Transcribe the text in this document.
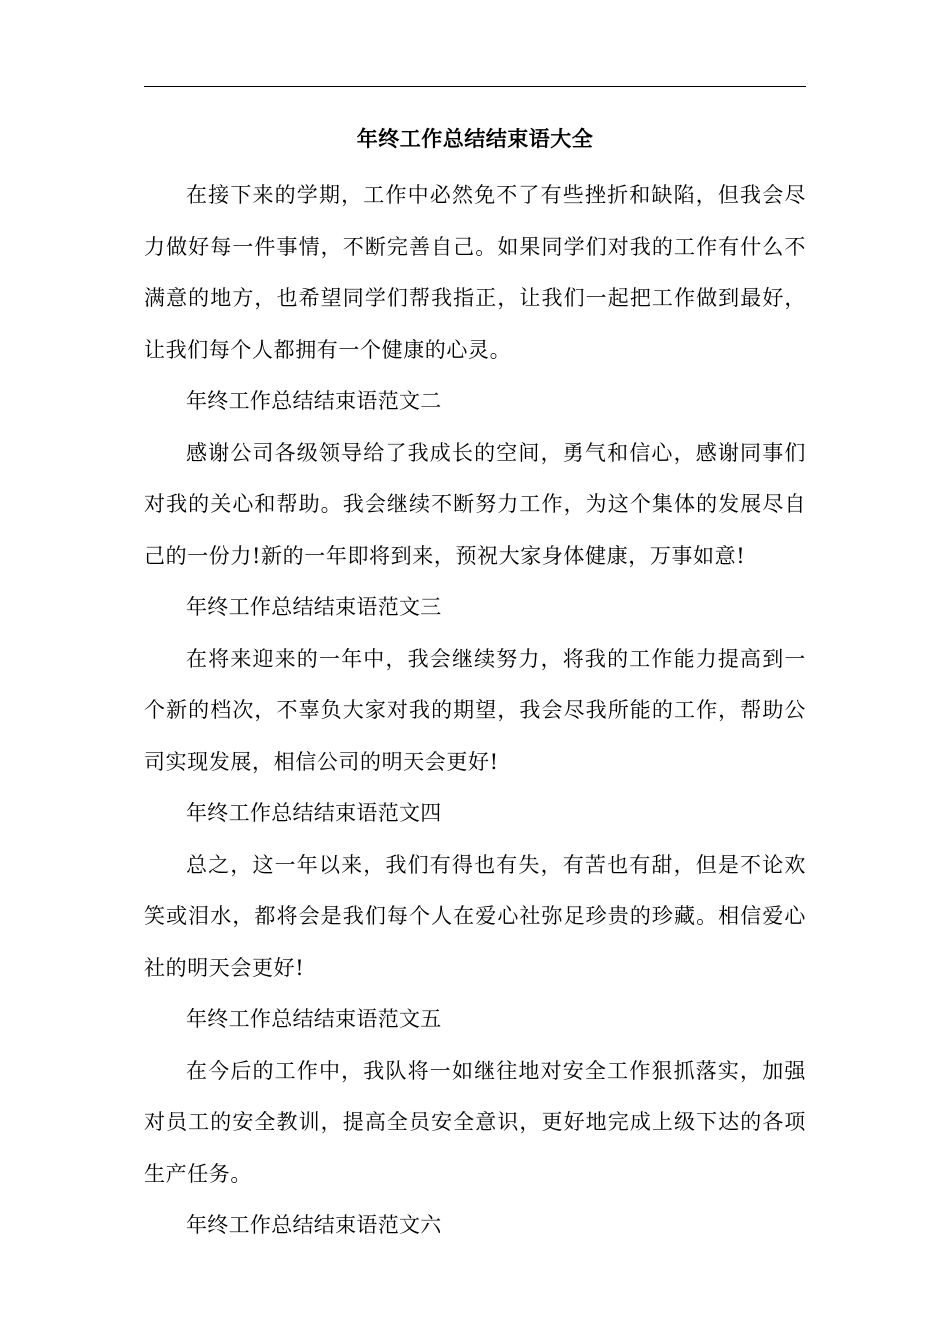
年终工作总结结束语大全

在接下来的学期，工作中必然免不了有些挫折和缺陷，但我会尽力做好每一件事情，不断完善自己。如果同学们对我的工作有什么不满意的地方，也希望同学们帮我指正，让我们一起把工作做到最好，让我们每个人都拥有一个健康的心灵。

年终工作总结结束语范文二

感谢公司各级领导给了我成长的空间，勇气和信心，感谢同事们对我的关心和帮助。我会继续不断努力工作，为这个集体的发展尽自己的一份力!新的一年即将到来，预祝大家身体健康，万事如意!

年终工作总结结束语范文三

在将来迎来的一年中，我会继续努力，将我的工作能力提高到一个新的档次，不辜负大家对我的期望，我会尽我所能的工作，帮助公司实现发展，相信公司的明天会更好!

年终工作总结结束语范文四

总之，这一年以来，我们有得也有失，有苦也有甜，但是不论欢笑或泪水，都将会是我们每个人在爱心社弥足珍贵的珍藏。相信爱心社的明天会更好!

年终工作总结结束语范文五

在今后的工作中，我队将一如继往地对安全工作狠抓落实，加强对员工的安全教训，提高全员安全意识，更好地完成上级下达的各项生产任务。

年终工作总结结束语范文六
